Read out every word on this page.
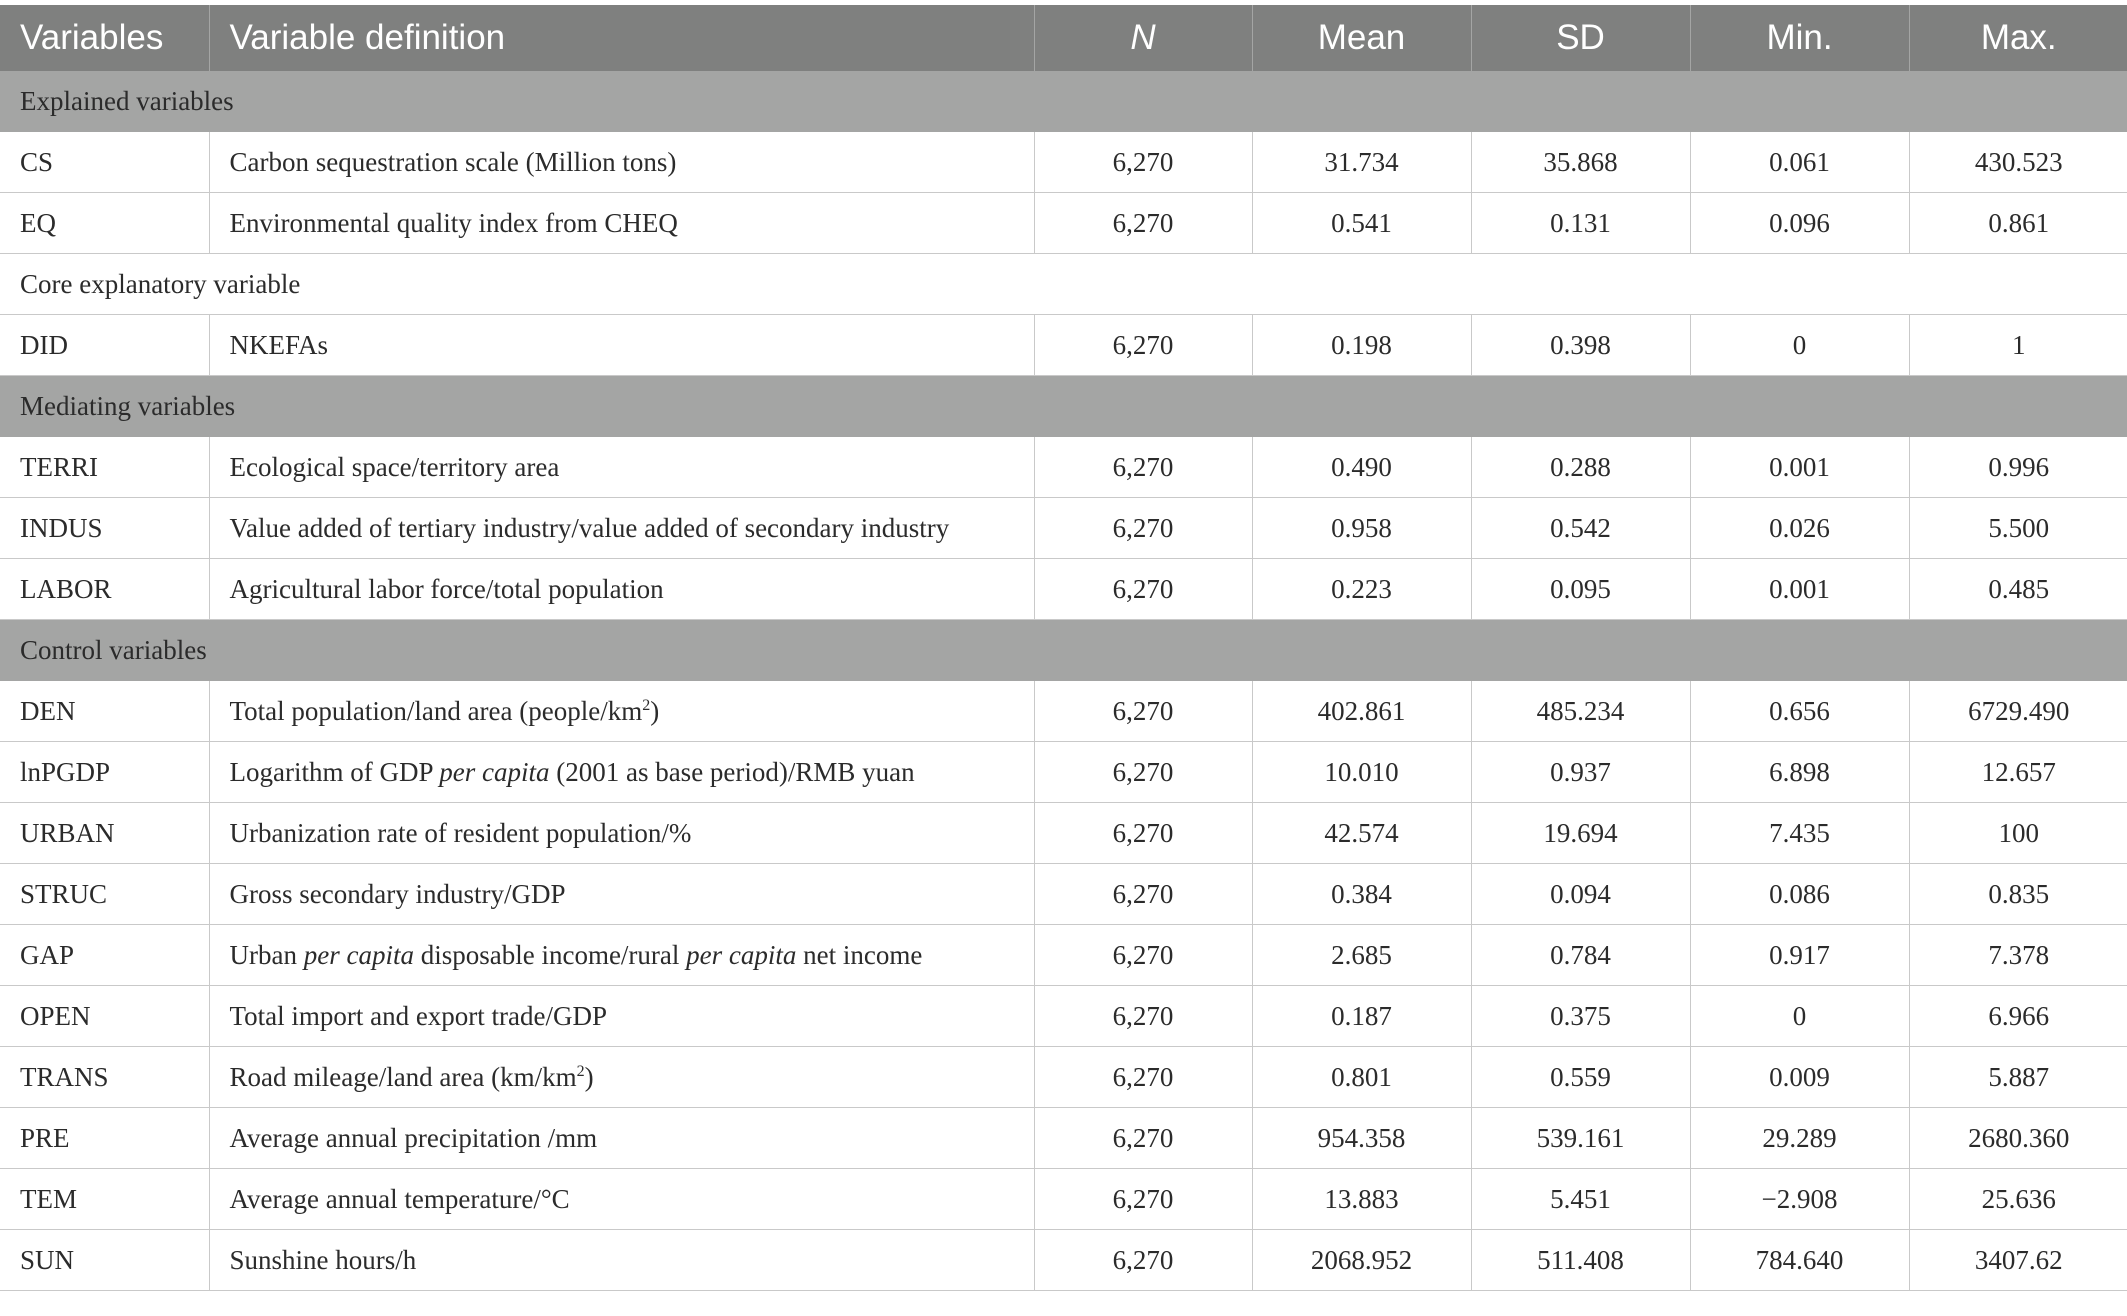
Variables	Variable definition	N	Mean	SD	Min.	Max.
Explained variables						
CS	Carbon sequestration scale (Million tons)	6,270	31.734	35.868	0.061	430.523
EQ	Environmental quality index from CHEQ	6,270	0.541	0.131	0.096	0.861
Core explanatory variable						
DID	NKEFAs	6,270	0.198	0.398	0	1
Mediating variables						
TERRI	Ecological space/territory area	6,270	0.490	0.288	0.001	0.996
INDUS	Value added of tertiary industry/value added of secondary industry	6,270	0.958	0.542	0.026	5.500
LABOR	Agricultural labor force/total population	6,270	0.223	0.095	0.001	0.485
Control variables						
DEN	Total population/land area $(people/km^2)$	6,270	402.861	485.234	0.656	6729.490
lnPGDP	Logarithm of GDP per capita (2001 as base period)/RMB yuan	6,270	10.010	0.937	6.898	12.657
URBAN	Urbanization rate of resident population/%	6,270	42.574	19.694	7.435	100
STRUC	Gross secondary industry/GDP	6,270	0.384	0.094	0.086	0.835
GAP	Urban per capita disposable income/rural per capita net income	6,270	2.685	0.784	0.917	7.378
OPEN	Total import and export trade/GDP	6,270	0.187	0.375	0	6.966
TRANS	Road mileage/land area $(km/km^2)$	6,270	0.801	0.559	0.009	5.887
PRE	Average annual precipitation /mm	6,270	954.358	539.161	29.289	2680.360
TEM	Average annual temperature/°C	6,270	13.883	5.451	−2.908	25.636
SUN	Sunshine hours/h	6,270	2068.952	511.408	784.640	3407.62
